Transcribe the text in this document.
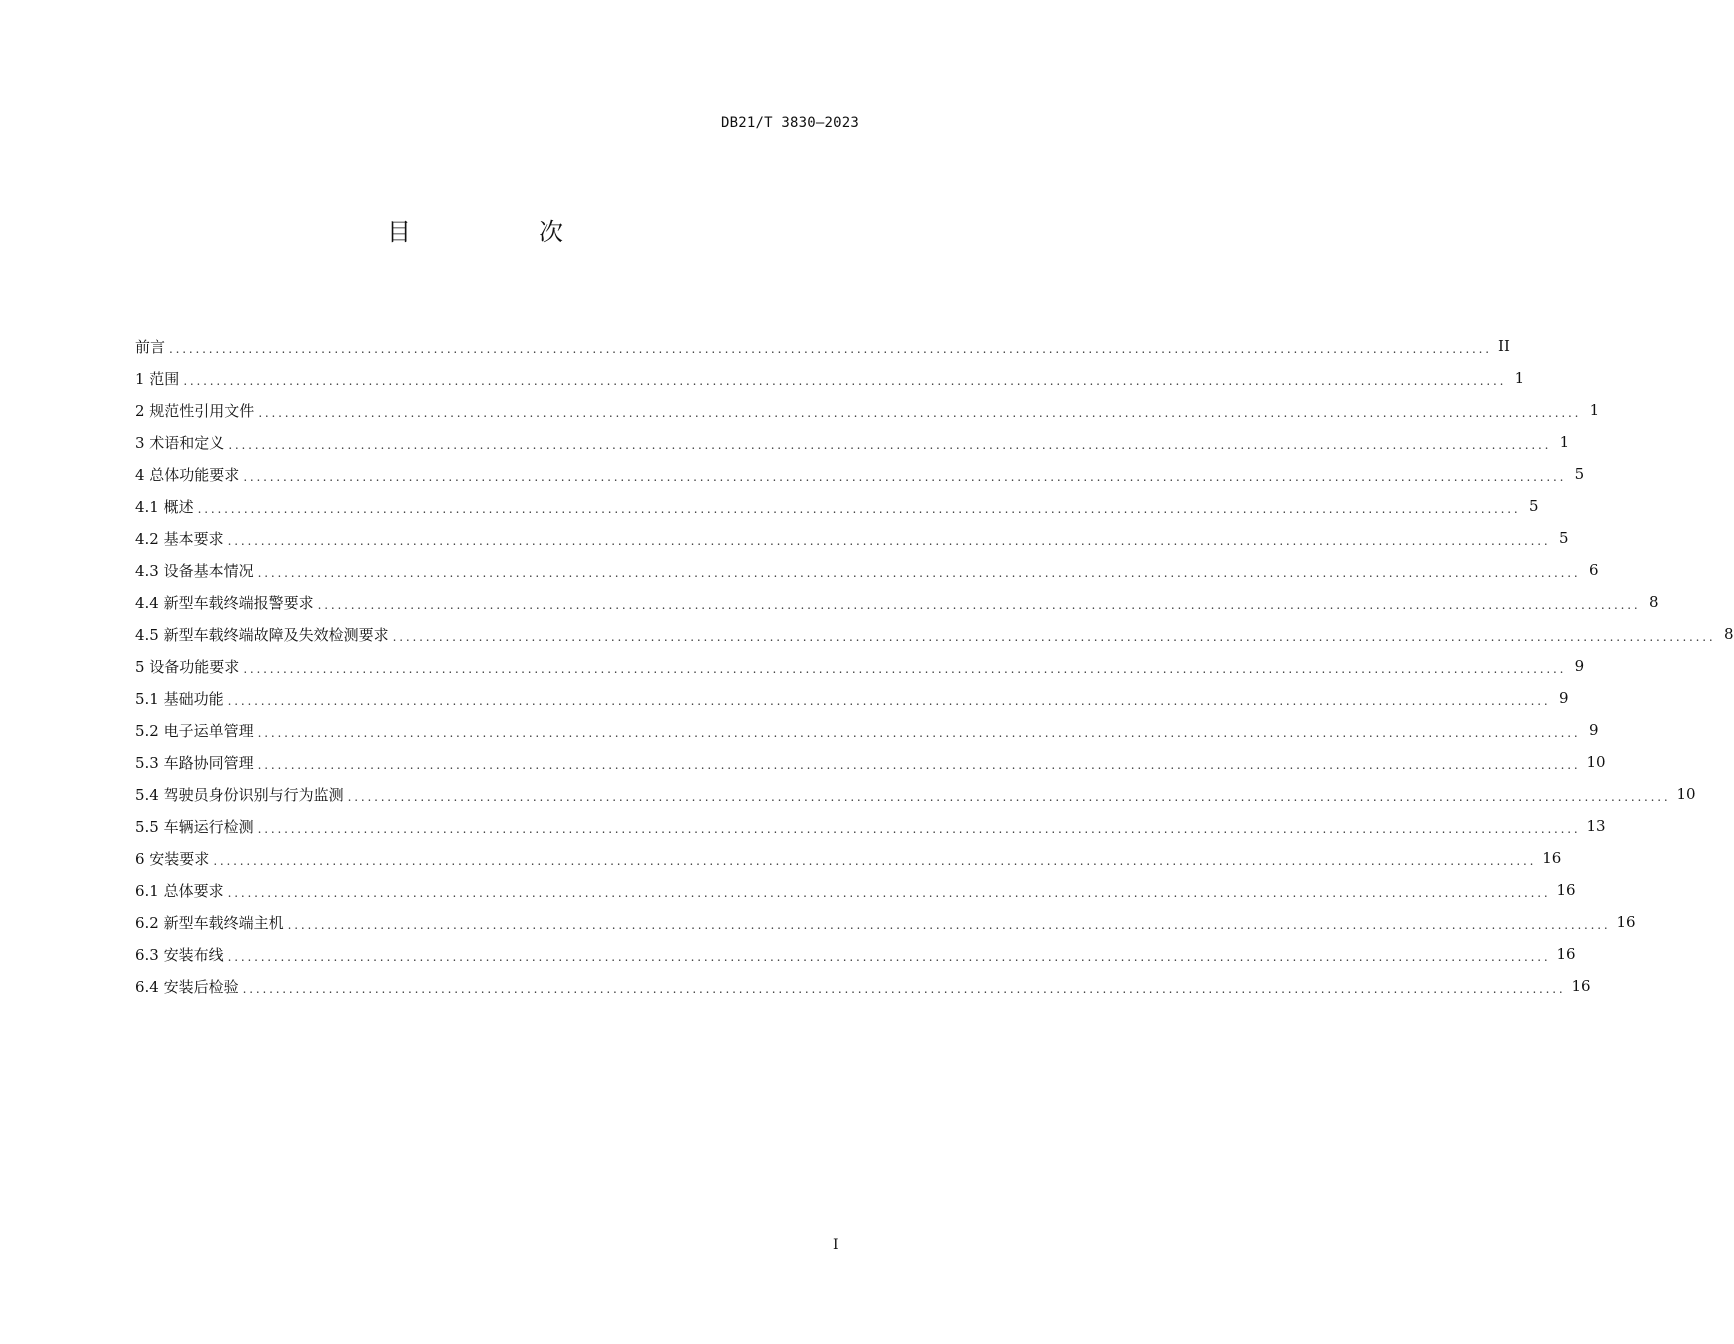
DB21/T 3830—2023
目　次
前言 ........................................................................................................................................................................................................ II
1 范围 ........................................................................................................................................................................................................ 1
2 规范性引用文件 ........................................................................................................................................................................................................ 1
3 术语和定义 ........................................................................................................................................................................................................ 1
4 总体功能要求 ........................................................................................................................................................................................................ 5
4.1 概述 ........................................................................................................................................................................................................ 5
4.2 基本要求 ........................................................................................................................................................................................................ 5
4.3 设备基本情况 ........................................................................................................................................................................................................ 6
4.4 新型车载终端报警要求 ........................................................................................................................................................................................................ 8
4.5 新型车载终端故障及失效检测要求 ........................................................................................................................................................................................................ 8
5 设备功能要求 ........................................................................................................................................................................................................ 9
5.1 基础功能 ........................................................................................................................................................................................................ 9
5.2 电子运单管理 ........................................................................................................................................................................................................ 9
5.3 车路协同管理 ........................................................................................................................................................................................................ 10
5.4 驾驶员身份识别与行为监测 ........................................................................................................................................................................................................ 10
5.5 车辆运行检测 ........................................................................................................................................................................................................ 13
6 安装要求 ........................................................................................................................................................................................................ 16
6.1 总体要求 ........................................................................................................................................................................................................ 16
6.2 新型车载终端主机 ........................................................................................................................................................................................................ 16
6.3 安装布线 ........................................................................................................................................................................................................ 16
6.4 安装后检验 ........................................................................................................................................................................................................ 16
I
